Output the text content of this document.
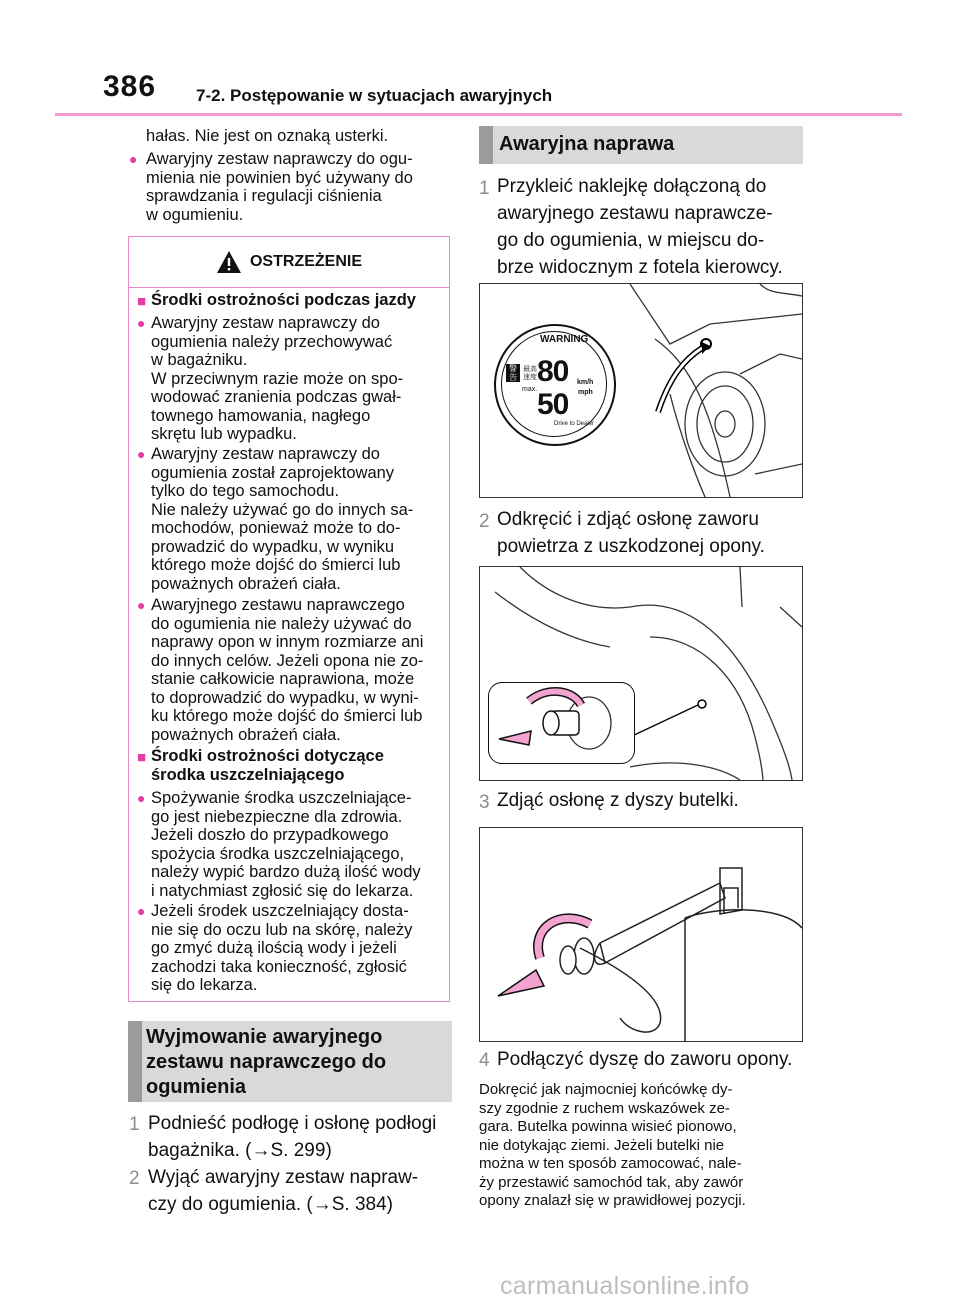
386 7-2. Postępowanie w sytuacjach awaryjnych
hałas. Nie jest on oznaką usterki.
● Awaryjny zestaw naprawczy do ogu-
mienia nie powinien być używany do
sprawdzania i regulacji ciśnienia
w ogumieniu.
OSTRZEŻENIE
■ Środki ostrożności podczas jazdy
● Awaryjny zestaw naprawczy do
ogumienia należy przechowywać
w bagażniku.
W przeciwnym razie może on spo-
wodować zranienia podczas gwał-
townego hamowania, nagłego
skrętu lub wypadku.
● Awaryjny zestaw naprawczy do
ogumienia został zaprojektowany
tylko do tego samochodu.
Nie należy używać go do innych sa-
mochodów, ponieważ może to do-
prowadzić do wypadku, w wyniku
którego może dojść do śmierci lub
poważnych obrażeń ciała.
● Awaryjnego zestawu naprawczego
do ogumienia nie należy używać do
naprawy opon w innym rozmiarze ani
do innych celów. Jeżeli opona nie zo-
stanie całkowicie naprawiona, może
to doprowadzić do wypadku, w wyni-
ku którego może dojść do śmierci lub
poważnych obrażeń ciała.
■ Środki ostrożności dotyczące
środka uszczelniającego
● Spożywanie środka uszczelniające-
go jest niebezpieczne dla zdrowia.
Jeżeli doszło do przypadkowego
spożycia środka uszczelniającego,
należy wypić bardzo dużą ilość wody
i natychmiast zgłosić się do lekarza.
● Jeżeli środek uszczelniający dosta-
nie się do oczu lub na skórę, należy
go zmyć dużą ilością wody i jeżeli
zachodzi taka konieczność, zgłosić
się do lekarza.
Wyjmowanie awaryjnego
zestawu naprawczego do
ogumienia
1 Podnieść podłogę i osłonę podłogi
bagażnika. (→S. 299)
2 Wyjąć awaryjny zestaw napraw-
czy do ogumienia. (→S. 384)
Awaryjna naprawa
1 Przykleić naklejkę dołączoną do
awaryjnego zestawu naprawcze-
go do ogumienia, w miejscu do-
brze widocznym z fotela kierowcy.
WARNING
警告
最高
速度
max.
80
50
km/h
mph
Drive to Dealer
2 Odkręcić i zdjąć osłonę zaworu
powietrza z uszkodzonej opony.
3 Zdjąć osłonę z dyszy butelki.
4 Podłączyć dyszę do zaworu opony.
Dokręcić jak najmocniej końcówkę dy-
szy zgodnie z ruchem wskazówek ze-
gara. Butelka powinna wisieć pionowo,
nie dotykając ziemi. Jeżeli butelki nie
można w ten sposób zamocować, nale-
ży przestawić samochód tak, aby zawór
opony znalazł się w prawidłowej pozycji.
carmanualsonline.info
